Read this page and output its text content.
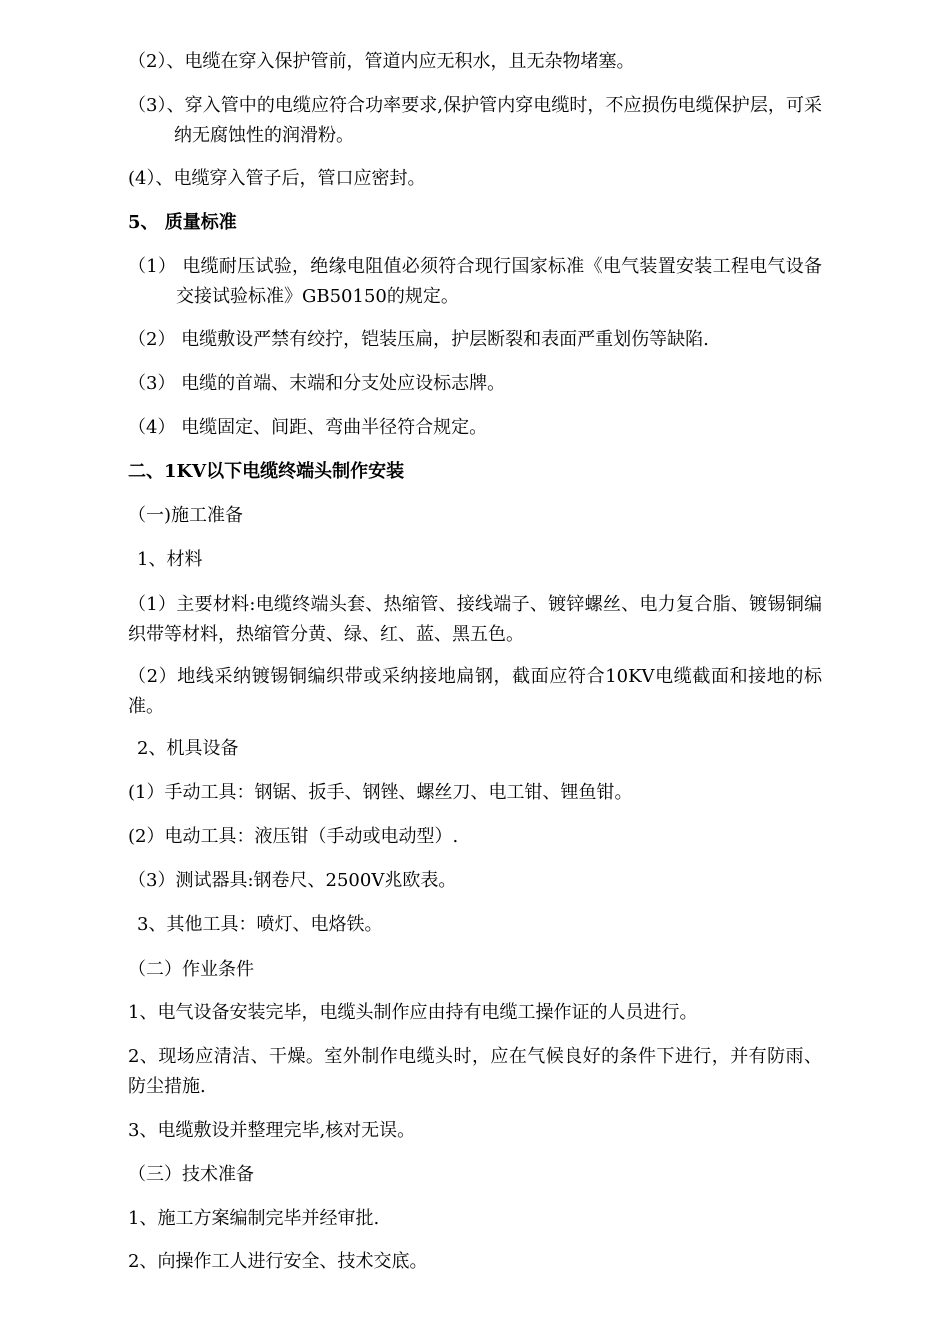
（2）、电缆在穿入保护管前，管道内应无积水，且无杂物堵塞。

（3）、穿入管中的电缆应符合功率要求,保护管内穿电缆时，不应损伤电缆保护层，可采纳无腐蚀性的润滑粉。

(4）、电缆穿入管子后，管口应密封。

5、 质量标准

（1） 电缆耐压试验，绝缘电阻值必须符合现行国家标准《电气装置安装工程电气设备交接试验标准》GB50150的规定。

（2） 电缆敷设严禁有绞拧，铠装压扁，护层断裂和表面严重划伤等缺陷.

（3） 电缆的首端、末端和分支处应设标志牌。

（4） 电缆固定、间距、弯曲半径符合规定。

二、1KV以下电缆终端头制作安装

（一)施工准备

1、材料

（1）主要材料:电缆终端头套、热缩管、接线端子、镀锌螺丝、电力复合脂、镀锡铜编织带等材料，热缩管分黄、绿、红、蓝、黑五色。

（2）地线采纳镀锡铜编织带或采纳接地扁钢，截面应符合10KV电缆截面和接地的标准。

2、机具设备

(1）手动工具：钢锯、扳手、钢锉、螺丝刀、电工钳、锂鱼钳。

(2）电动工具：液压钳（手动或电动型）.

（3）测试器具:钢卷尺、2500V兆欧表。

3、其他工具：喷灯、电烙铁。

（二）作业条件

1、电气设备安装完毕，电缆头制作应由持有电缆工操作证的人员进行。

2、现场应清洁、干燥。室外制作电缆头时，应在气候良好的条件下进行，并有防雨、防尘措施.

3、电缆敷设并整理完毕,核对无误。

（三）技术准备

1、施工方案编制完毕并经审批.

2、向操作工人进行安全、技术交底。
